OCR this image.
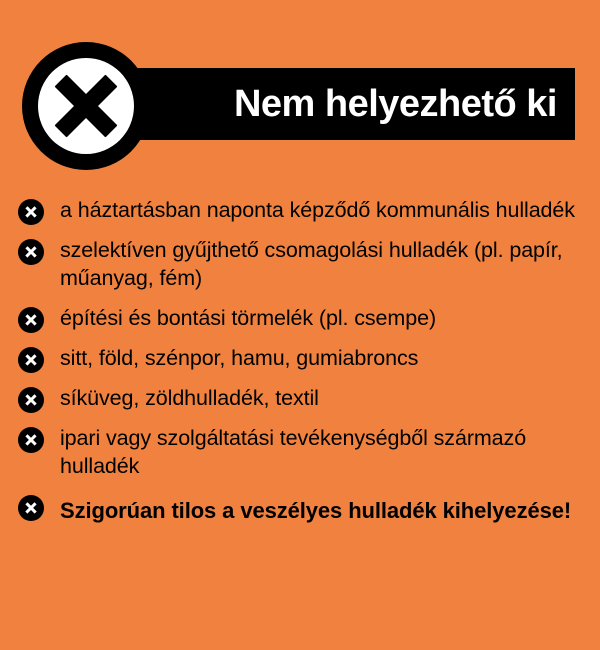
Nem helyezhető ki
a háztartásban naponta képződő kommunális hulladék
szelektíven gyűjthető csomagolási hulladék (pl. papír, műanyag, fém)
építési és bontási törmelék (pl. csempe)
sitt, föld, szénpor, hamu, gumiabroncs
síküveg, zöldhulladék, textil
ipari vagy szolgáltatási tevékenységből származó hulladék
Szigorúan tilos a veszélyes hulladék kihelyezése!
